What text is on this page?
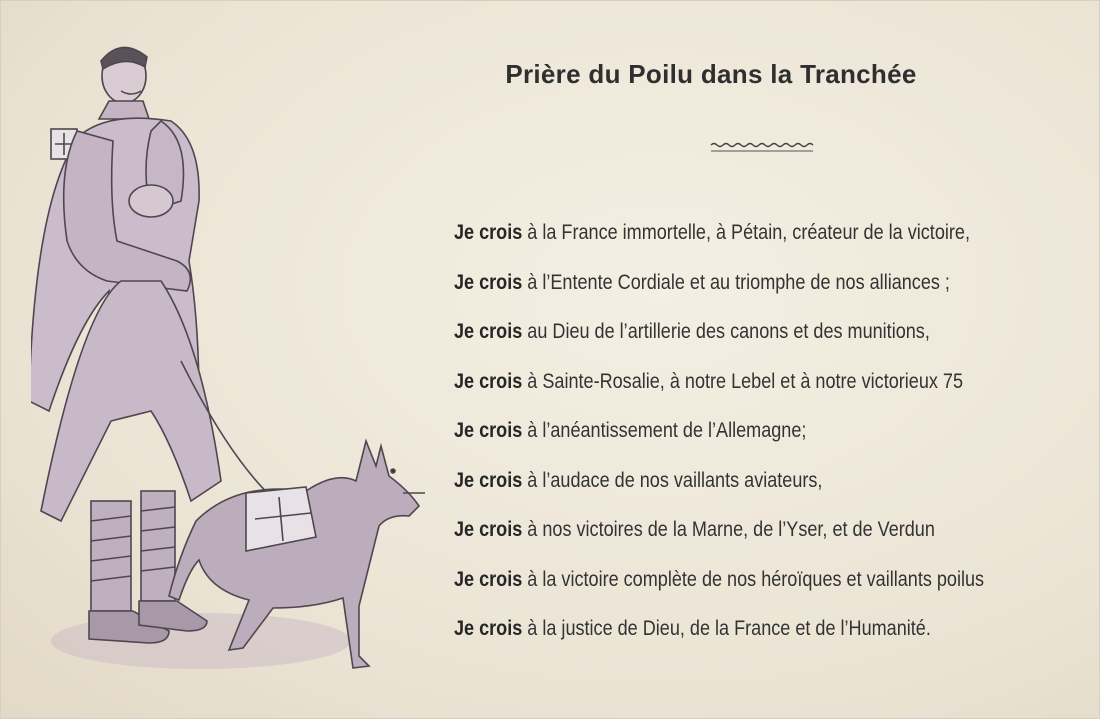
Prière du Poilu dans la Tranchée
Je crois à la France immortelle, à Pétain, créateur de la victoire,
Je crois à l’Entente Cordiale et au triomphe de nos alliances ;
Je crois au Dieu de l’artillerie des canons et des munitions,
Je crois à Sainte-Rosalie, à notre Lebel et à notre victorieux 75
Je crois à l’anéantissement de l’Allemagne;
Je crois à l’audace de nos vaillants aviateurs,
Je crois à nos victoires de la Marne, de l’Yser, et de Verdun
Je crois à la victoire complète de nos héroïques et vaillants poilus
Je crois à la justice de Dieu, de la France et de l’Humanité.
